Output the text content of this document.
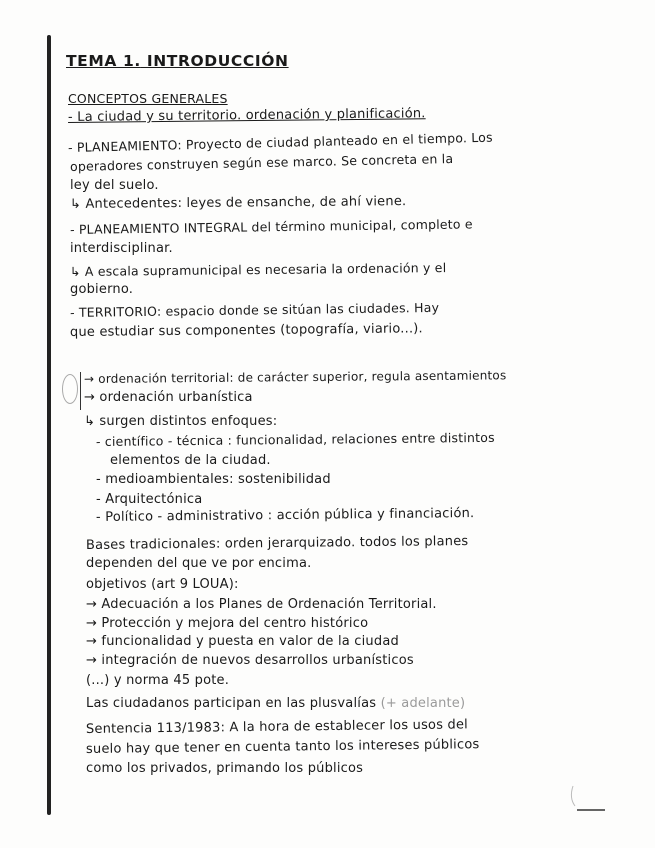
TEMA 1. INTRODUCCIÓN
CONCEPTOS GENERALES
- La ciudad y su territorio. ordenación y planificación.
- PLANEAMIENTO: Proyecto de ciudad planteado en el tiempo. Los
operadores construyen según ese marco. Se concreta en la
ley del suelo.
↳ Antecedentes: leyes de ensanche, de ahí viene.
- PLANEAMIENTO INTEGRAL del término municipal, completo e
interdisciplinar.
↳ A escala supramunicipal es necesaria la ordenación y el
gobierno.
- TERRITORIO: espacio donde se sitúan las ciudades. Hay
que estudiar sus componentes (topografía, viario...).
→ ordenación territorial: de carácter superior, regula asentamientos
→ ordenación urbanística
↳ surgen distintos enfoques:
- científico - técnica : funcionalidad, relaciones entre distintos
elementos de la ciudad.
- medioambientales: sostenibilidad
- Arquitectónica
- Político - administrativo : acción pública y financiación.
Bases tradicionales: orden jerarquizado. todos los planes
dependen del que ve por encima.
objetivos (art 9 LOUA):
→ Adecuación a los Planes de Ordenación Territorial.
→ Protección y mejora del centro histórico
→ funcionalidad y puesta en valor de la ciudad
→ integración de nuevos desarrollos urbanísticos
(...) y norma 45 pote.
Las ciudadanos participan en las plusvalías (+ adelante)
Sentencia 113/1983: A la hora de establecer los usos del
suelo hay que tener en cuenta tanto los intereses públicos
como los privados, primando los públicos
